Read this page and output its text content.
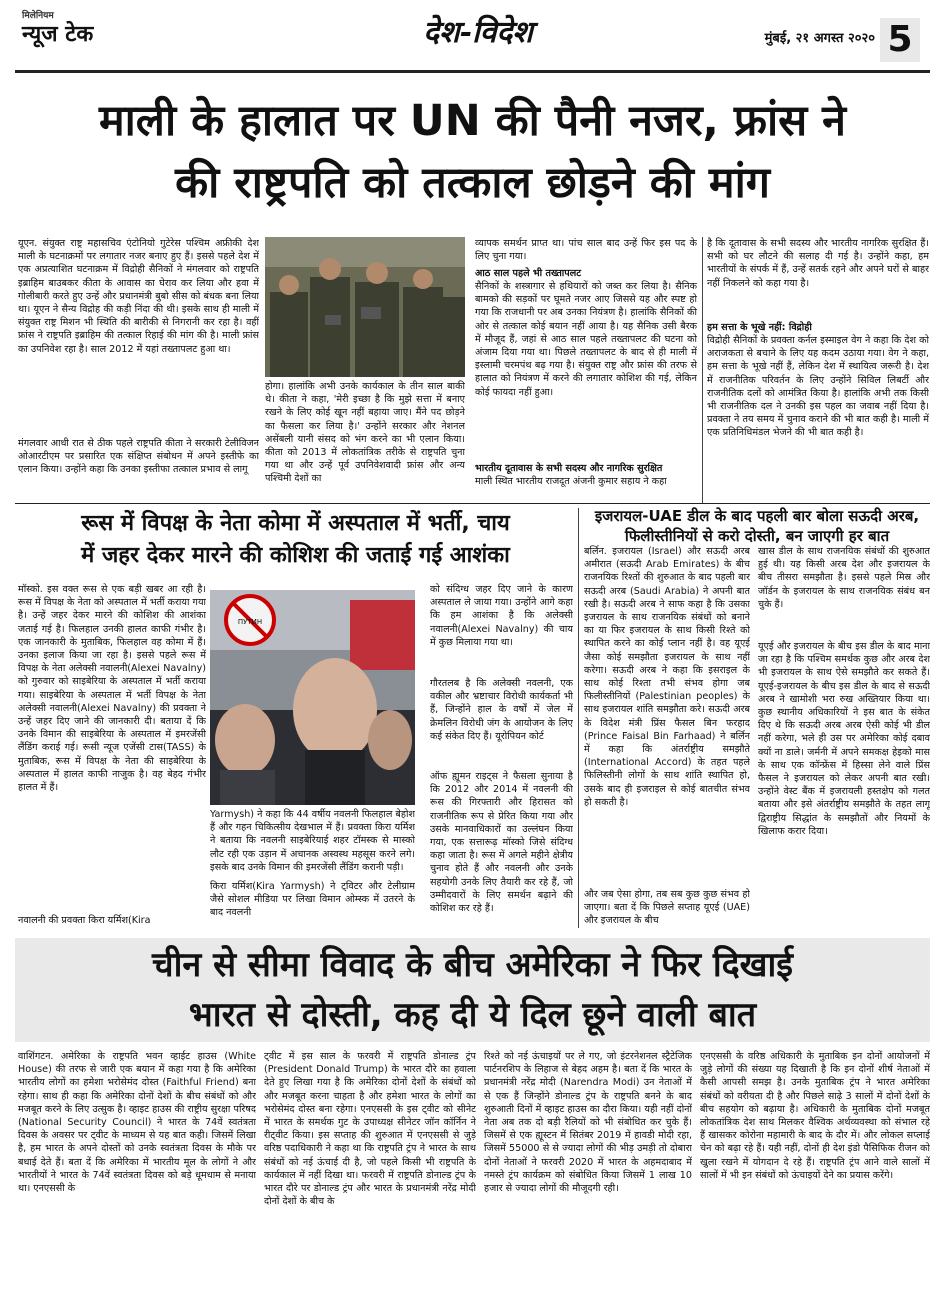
मिलेनियम
न्यूज टेक	देश-विदेश	मुंबई, २१ अगस्त २०२० 5
माली के हालात पर UN की पैनी नजर, फ्रांस ने
की राष्ट्रपति को तत्काल छोड़ने की मांग
यूएन. संयुक्त राष्ट्र महासचिव एंटोनियो गुटेरेस पश्चिम अफ्रीकी देश माली के घटनाक्रमों पर लगातार नजर बनाए हुए हैं। इससे पहले देश में एक अप्रत्याशित घटनाक्रम में विद्रोही सैनिकों ने मंगलवार को राष्ट्रपति इब्राहिम बाउबकर कीता के आवास का घेराव कर लिया और हवा में गोलीबारी करते हुए उन्हें और प्रधानमंत्री बुबो सीस को बंधक बना लिया था। यूएन ने सैन्य विद्रोह की कड़ी निंदा की थी। इसके साथ ही माली में संयुक्त राष्ट्र मिशन भी स्थिति की बारीकी से निगरानी कर रहा है। वहीं फ्रांस ने राष्ट्रपति इब्राहिम की तत्काल रिहाई की मांग की है। माली फ्रांस का उपनिवेश रहा है। साल 2012 में यहां तख्तापलट हुआ था।
मंगलवार आधी रात से ठीक पहले राष्ट्रपति कीता ने सरकारी टेलीविजन ओआरटीएम पर प्रसारित एक संक्षिप्त संबोधन में अपने इस्तीफे का एलान किया। उन्होंने कहा कि उनका इस्तीफा तत्काल प्रभाव से लागू
होगा। हालांकि अभी उनके कार्यकाल के तीन साल बाकी थे। कीता ने कहा, 'मेरी इच्छा है कि मुझे सत्ता में बनाए रखने के लिए कोई खून नहीं बहाया जाए। मैंने पद छोड़ने का फैसला कर लिया है।' उन्होंने सरकार और नेशनल असेंबली यानी संसद को भंग करने का भी एलान किया। कीता को 2013 में लोकतांत्रिक तरीके से राष्ट्रपति चुना गया था और उन्हें पूर्व उपनिवेशवादी फ्रांस और अन्य पश्चिमी देशों का
व्यापक समर्थन प्राप्त था। पांच साल बाद उन्हें फिर इस पद के लिए चुना गया।
आठ साल पहले भी तख्तापलट
सैनिकों के शस्त्रागार से हथियारों को जब्त कर लिया है। सैनिक बामको की सड़कों पर घूमते नजर आए जिससे यह और स्पष्ट हो गया कि राजधानी पर अब उनका नियंत्रण है। हालांकि सैनिकों की ओर से तत्काल कोई बयान नहीं आया है। यह सैनिक उसी बैरक में मौजूद हैं, जहां से आठ साल पहले तख्तापलट की घटना को अंजाम दिया गया था। पिछले तख्तापलट के बाद से ही माली में इस्लामी चरमपंथ बढ़ गया है। संयुक्त राष्ट्र और फ्रांस की तरफ से हालात को नियंत्रण में करने की लगातार कोशिश की गई, लेकिन कोई फायदा नहीं हुआ।
भारतीय दूतावास के सभी सदस्य और नागरिक सुरक्षित
माली स्थित भारतीय राजदूत अंजनी कुमार सहाय ने कहा
है कि दूतावास के सभी सदस्य और भारतीय नागरिक सुरक्षित हैं। सभी को घर लौटने की सलाह दी गई है। उन्होंने कहा, हम भारतीयों के संपर्क में हैं, उन्हें सतर्क रहने और अपने घरों से बाहर नहीं निकलने को कहा गया है।
हम सत्ता के भूखे नहीं: विद्रोही
विद्रोही सैनिकों के प्रवक्ता कर्नल इस्माइल वेग ने कहा कि देश को अराजकता से बचाने के लिए यह कदम उठाया गया। वेग ने कहा, हम सत्ता के भूखे नहीं हैं, लेकिन देश में स्थायित्व जरूरी है। देश में राजनीतिक परिवर्तन के लिए उन्होंने सिविल लिबर्टी और राजनीतिक दलों को आमंत्रित किया है। हालांकि अभी तक किसी भी राजनीतिक दल ने उनकी इस पहल का जवाब नहीं दिया है। प्रवक्ता ने तय समय में चुनाव कराने की भी बात कही है। माली में एक प्रतिनिधिमंडल भेजने की भी बात कही है।
रूस में विपक्ष के नेता कोमा में अस्पताल में भर्ती, चाय
में जहर देकर मारने की कोशिश की जताई गई आशंका
मॉस्को. इस वक्त रूस से एक बड़ी खबर आ रही है। रूस में विपक्ष के नेता को अस्पताल में भर्ती कराया गया है। उन्हें जहर देकर मारने की कोशिश की आशंका जताई गई है। फिलहाल उनकी हालत काफी गंभीर है। एक जानकारी के मुताबिक, फिलहाल वह कोमा में हैं। उनका इलाज किया जा रहा है। इससे पहले रूस में विपक्ष के नेता अलेक्सी नवालनी(Alexei Navalny) को गुरुवार को साइबेरिया के अस्पताल में भर्ती कराया गया। साइबेरिया के अस्पताल में भर्ती विपक्ष के नेता अलेक्सी नवालनी(Alexei Navalny) की प्रवक्ता ने उन्हें जहर दिए जाने की जानकारी दी। बताया दें कि उनके विमान की साइबेरिया के अस्पताल में इमरजेंसी लैंडिंग कराई गई। रूसी न्यूज एजेंसी टास(TASS) के मुताबिक, रूस में विपक्ष के नेता की साइबेरिया के अस्पताल में हालत काफी नाजुक है। वह बेहद गंभीर हालत में हैं।
नवालनी की प्रवक्ता किरा यर्मिश(Kira
ПУТИН
Yarmysh) ने कहा कि 44 वर्षीय नवलनी फिलहाल बेहोश हैं और गहन चिकित्सीय देखभाल में हैं। प्रवक्ता किरा यर्मिश ने बताया कि नवलनी साइबेरियाई शहर टॉमस्क से मास्को लौट रही एक उड़ान में अचानक अस्वस्थ महसूस करने लगे। इसके बाद उनके विमान की इमरजेंसी लैंडिंग करानी पड़ी।
किरा यर्मिश(Kira Yarmysh) ने ट्विटर और टेलीग्राम जैसे सोशल मीडिया पर लिखा विमान ओम्स्क में उतरने के बाद नवलनी
को संदिग्ध जहर दिए जाने के कारण अस्पताल ले जाया गया। उन्होंने आगे कहा कि हम आशंका है कि अलेक्सी नवालनी(Alexei Navalny) की चाय में कुछ मिलाया गया था।
गौरतलब है कि अलेक्सी नवलनी, एक वकील और भ्रष्टाचार विरोधी कार्यकर्ता भी हैं, जिन्होंने हाल के वर्षों में जेल में क्रेमलिन विरोधी जंग के आयोजन के लिए कई संकेत दिए हैं। यूरोपियन कोर्ट
ऑफ ह्यूमन राइट्स ने फैसला सुनाया है कि 2012 और 2014 में नवलनी की रूस की गिरफ्तारी और हिरासत को राजनीतिक रूप से प्रेरित किया गया और उसके मानवाधिकारों का उल्लंघन किया गया, एक सत्तारूढ़ मॉस्को जिसे संदिग्ध कहा जाता है। रूस में अगले महीने क्षेत्रीय चुनाव होते हैं और नवलनी और उनके सहयोगी उनके लिए तैयारी कर रहे हैं, जो उम्मीदवारों के लिए समर्थन बढ़ाने की कोशिश कर रहे हैं।
इजरायल-UAE डील के बाद पहली बार बोला सऊदी अरब,
फिलीस्तीनियों से करो दोस्ती, बन जाएगी हर बात
बर्लिन. इजरायल (Israel) और सऊदी अरब अमीरात (सऊदी Arab Emirates) के बीच राजनयिक रिश्तों की शुरुआत के बाद पहली बार सऊदी अरब (Saudi Arabia) ने अपनी बात रखी है। सऊदी अरब ने साफ कहा है कि उसका इजरायल के साथ राजनयिक संबंधों को बनाने का या फिर इजरायल के साथ किसी रिश्ते को स्थापित करने का कोई प्लान नहीं है। वह यूएई जैसा कोई समझौता इजरायल के साथ नहीं करेगा। सऊदी अरब ने कहा कि इसराइल के साथ कोई रिश्ता तभी संभव होगा जब फिलीस्तीनियों (Palestinian peoples) के साथ इजरायल शांति समझौता करे। सऊदी अरब के विदेश मंत्री प्रिंस फैसल बिन फरहाद (Prince Faisal Bin Farhaad) ने बर्लिन में कहा कि अंतर्राष्ट्रीय समझौते (International Accord) के तहत पहले फिलिस्तीनी लोगों के साथ शांति स्थापित हो, उसके बाद ही इजराइल से कोई बातचीत संभव हो सकती है।
और जब ऐसा होगा, तब सब कुछ कुछ संभव हो जाएगा। बता दें कि पिछले सप्ताह यूएई (UAE) और इजरायल के बीच
खास डील के साथ राजनयिक संबंधों की शुरुआत हुई थी। यह किसी अरब देश और इजरायल के बीच तीसरा समझौता है। इससे पहले मिस्र और जॉर्डन के इजरायल के साथ राजनयिक संबंध बन चुके हैं।
यूएई और इजरायल के बीच इस डील के बाद माना जा रहा है कि पश्चिम समर्थक कुछ और अरब देश भी इजरायल के साथ ऐसे समझौते कर सकते हैं। यूएई-इजरायल के बीच इस डील के बाद से सऊदी अरब ने खामोशी भरा रुख अख्तियार किया था। कुछ स्थानीय अधिकारियों ने इस बात के संकेत दिए थे कि सऊदी अरब अरब ऐसी कोई भी डील नहीं करेगा, भले ही उस पर अमेरिका कोई दबाव क्यों ना डाले। जर्मनी में अपने समकक्ष हेइको मास के साथ एक कॉन्फ्रेंस में हिस्सा लेने वाले प्रिंस फैसल ने इजरायल को लेकर अपनी बात रखी। उन्होंने वेस्ट बैंक में इजरायली हस्तक्षेप को गलत बताया और इसे अंतर्राष्ट्रीय समझौते के तहत लागू द्विराष्ट्रीय सिद्धांत के समझौतों और नियमों के खिलाफ करार दिया।
चीन से सीमा विवाद के बीच अमेरिका ने फिर दिखाई
भारत से दोस्ती, कह दी ये दिल छूने वाली बात
वाशिंगटन. अमेरिका के राष्ट्रपति भवन व्हाईट हाउस (White House) की तरफ से जारी एक बयान में कहा गया है कि अमेरिका भारतीय लोगों का हमेशा भरोसेमंद दोस्त (Faithful Friend) बना रहेगा। साथ ही कहा कि अमेरिका दोनों देशों के बीच संबंधों को और मजबूत करने के लिए उत्सुक है। व्हाइट हाउस की राष्ट्रीय सुरक्षा परिषद (National Security Council) ने भारत के 74वें स्वतंत्रता दिवस के अवसर पर ट्वीट के माध्यम से यह बात कही। जिसमें लिखा है, हम भारत के अपने दोस्तों को उनके स्वतंत्रता दिवस के मौके पर बधाई देते हैं। बता दें कि अमेरिका में भारतीय मूल के लोगों ने और भारतीयों ने भारत के 74वें स्वतंत्रता दिवस को बड़े धूमधाम से मनाया था। एनएससी के
ट्वीट में इस साल के फरवरी में राष्ट्रपति डोनाल्ड ट्रंप (President Donald Trump) के भारत दौरे का हवाला देते हुए लिखा गया है कि अमेरिका दोनों देशों के संबंधों को और मजबूत करना चाहता है और हमेशा भारत के लोगों का भरोसेमंद दोस्त बना रहेगा। एनएससी के इस ट्वीट को सीनेट में भारत के समर्थक गुट के उपाध्यक्ष सीनेटर जॉन कॉर्निन ने रीट्वीट किया। इस सप्ताह की शुरुआत में एनएससी से जुड़े वरिष्ठ पदाधिकारी ने कहा था कि राष्ट्रपति ट्रंप ने भारत के साथ संबंधों को नई ऊंचाई दी है, जो पहले किसी भी राष्ट्रपति के कार्यकाल में नहीं दिखा था। फरवरी में राष्ट्रपति डोनाल्ड ट्रंप के भारत दौरे पर डोनाल्ड ट्रंप और भारत के प्रधानमंत्री नरेंद्र मोदी दोनों देशों के बीच के
रिश्ते को नई ऊंचाइयों पर ले गए, जो इंटरनेशनल स्ट्रैटेजिक पार्टनरशिप के लिहाज से बेहद अहम है। बता दें कि भारत के प्रधानमंत्री नरेंद्र मोदी (Narendra Modi) उन नेताओं में से एक हैं जिन्होंने डोनाल्ड ट्रंप के राष्ट्रपति बनने के बाद शुरुआती दिनों में व्हाइट हाउस का दौरा किया। यही नहीं दोनों नेता अब तक दो बड़ी रैलियों को भी संबोधित कर चुके हैं। जिसमें से एक ह्यूस्टन में सितंबर 2019 में हावडी मोदी रहा, जिसमें 55000 से से ज्यादा लोगों की भीड़ उमड़ी तो दोबारा दोनों नेताओं ने फरवरी 2020 में भारत के अहमदाबाद में नमस्ते ट्रंप कार्यक्रम को संबोधित किया जिसमें 1 लाख 10 हजार से ज्यादा लोगों की मौजूदगी रही।
एनएससी के वरिष्ठ अधिकारी के मुताबिक इन दोनों आयोजनों में जुड़े लोगों की संख्या यह दिखाती है कि इन दोनों शीर्ष नेताओं में कैसी आपसी समझ है। उनके मुताबिक ट्रंप ने भारत अमेरिका संबंधों को वरीयता दी है और पिछले साढ़े 3 सालों में दोनों देशों के बीच सहयोग को बढ़ाया है। अधिकारी के मुताबिक दोनों मजबूत लोकतांत्रिक देश साथ मिलकर वैश्विक अर्थव्यवस्था को संभाल रहे हैं खासकर कोरोना महामारी के बाद के दौर में। और लोकल सप्लाई चेन को बढ़ा रहे हैं। यही नहीं, दोनों ही देश इंडो पैसिफिक रीजन को खुला रखने में योगदान दे रहे हैं। राष्ट्रपति ट्रंप आने वाले सालों में सालों में भी इन संबंधों को ऊंचाइयों देने का प्रयास करेंगे।
